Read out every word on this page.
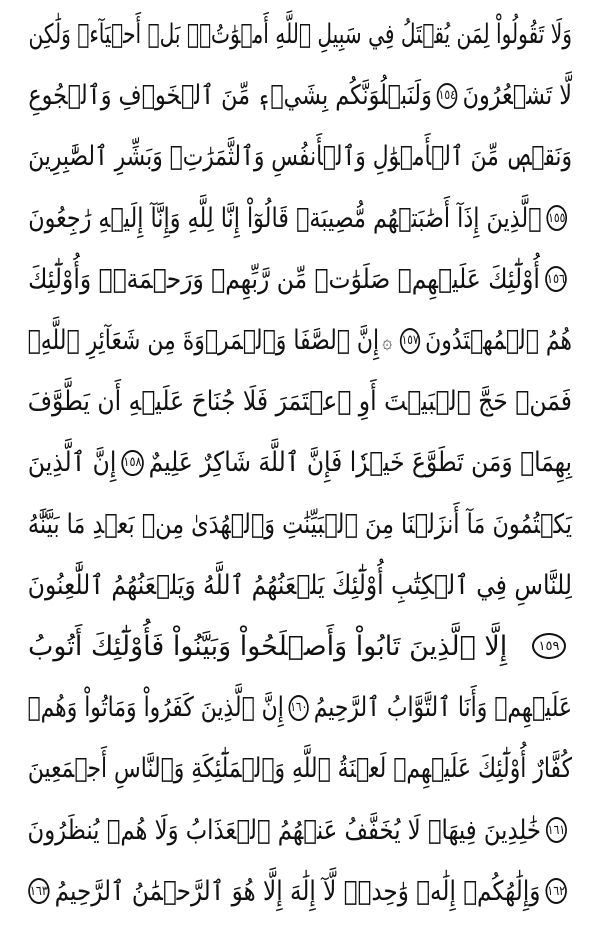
وَلَا تَقُولُواْ لِمَن يُقۡتَلُ فِي سَبِيلِ ٱللَّهِ أَمۡوَٰتُۢۚ بَلۡ أَحۡيَآءٞ وَلَٰكِن
لَّا تَشۡعُرُونَ
١٥٤
وَلَنَبۡلُوَنَّكُم بِشَيۡءٖ مِّنَ ٱلۡخَوۡفِ وَٱلۡجُوعِ
وَنَقۡصٖ مِّنَ ٱلۡأَمۡوَٰلِ وَٱلۡأَنفُسِ وَٱلثَّمَرَٰتِۗ وَبَشِّرِ ٱلصَّٰبِرِينَ
١٥٥
ٱلَّذِينَ إِذَآ أَصَٰبَتۡهُم مُّصِيبَةٞ قَالُوٓاْ إِنَّا لِلَّهِ وَإِنَّآ إِلَيۡهِ رَٰجِعُونَ
١٥٦
أُوْلَٰٓئِكَ عَلَيۡهِمۡ صَلَوَٰتٞ مِّن رَّبِّهِمۡ وَرَحۡمَةٞۖ وَأُوْلَٰٓئِكَ
هُمُ ٱلۡمُهۡتَدُونَ
١٥٧
۞
إِنَّ ٱلصَّفَا وَٱلۡمَرۡوَةَ مِن شَعَآئِرِ ٱللَّهِۖ
فَمَنۡ حَجَّ ٱلۡبَيۡتَ أَوِ ٱعۡتَمَرَ فَلَا جُنَاحَ عَلَيۡهِ أَن يَطَّوَّفَ
بِهِمَاۚ وَمَن تَطَوَّعَ خَيۡرٗا فَإِنَّ ٱللَّهَ شَاكِرٌ عَلِيمٌ
١٥٨
إِنَّ ٱلَّذِينَ
يَكۡتُمُونَ مَآ أَنزَلۡنَا مِنَ ٱلۡبَيِّنَٰتِ وَٱلۡهُدَىٰ مِنۢ بَعۡدِ مَا بَيَّنَّٰهُ
لِلنَّاسِ فِي ٱلۡكِتَٰبِ أُوْلَٰٓئِكَ يَلۡعَنُهُمُ ٱللَّهُ وَيَلۡعَنُهُمُ ٱللَّٰعِنُونَ
١٥٩
إِلَّا ٱلَّذِينَ تَابُواْ وَأَصۡلَحُواْ وَبَيَّنُواْ فَأُوْلَٰٓئِكَ أَتُوبُ
عَلَيۡهِمۡ وَأَنَا ٱلتَّوَّابُ ٱلرَّحِيمُ
١٦٠
إِنَّ ٱلَّذِينَ كَفَرُواْ وَمَاتُواْ وَهُمۡ
كُفَّارٌ أُوْلَٰٓئِكَ عَلَيۡهِمۡ لَعۡنَةُ ٱللَّهِ وَٱلۡمَلَٰٓئِكَةِ وَٱلنَّاسِ أَجۡمَعِينَ
١٦١
خَٰلِدِينَ فِيهَاۖ لَا يُخَفَّفُ عَنۡهُمُ ٱلۡعَذَابُ وَلَا هُمۡ يُنظَرُونَ
١٦٢
وَإِلَٰهُكُمۡ إِلَٰهٞ وَٰحِدٞۖ لَّآ إِلَٰهَ إِلَّا هُوَ ٱلرَّحۡمَٰنُ ٱلرَّحِيمُ
١٦٣
